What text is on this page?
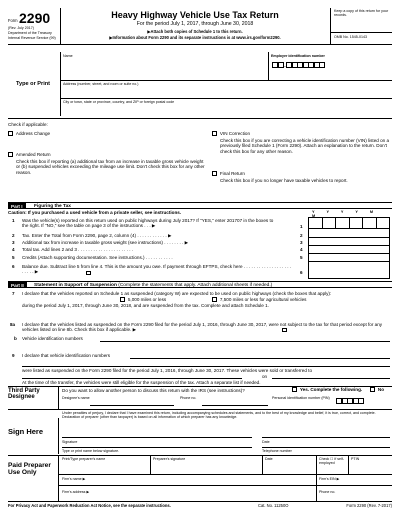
Form 2290
(Rev. July 2017)
Department of the Treasury
Internal Revenue Service (99)
Heavy Highway Vehicle Use Tax Return
For the period July 1, 2017, through June 30, 2018
▶Attach both copies of Schedule 1 to this return.
▶Information about Form 2290 and its separate instructions is at www.irs.gov/form2290.
Keep a copy of this return for your records.
OMB No. 1545-0143
Type or Print
Name	Employer identification number
–
Address (number, street, and room or suite no.)
City or town, state or province, country, and ZIP or foreign postal code
Check if applicable:
Address Change
Amended Return
Check this box if reporting (a) additional tax from an increase in taxable gross vehicle weight or (b) suspended vehicles exceeding the mileage use limit. Don't check this box for any other reason.
VIN Correction
Check this box if you are correcting a vehicle identification number (VIN) listed on a previously filed Schedule 1 (Form 2290). Attach an explanation to the return. Don't check this box for any other reason.
Final Return
Check this box if you no longer have taxable vehicles to report.
Part I	Figuring the Tax
Caution: If you purchased a used vehicle from a private seller, see instructions.	Y Y Y Y M M
1 Was the vehicle(s) reported on this return used on public highways during July 2017? If "YES," enter 201707 in the boxes to the right. If "NO," see the table on page 3 of the instructions . . . ▶	1
2 Tax. Enter the Total from Form 2290, page 2, column (4) . . . . . . . . . . . . ▶	2
3 Additional tax from increase in taxable gross weight (see instructions) . . . . . . . . ▶	3
4 Total tax. Add lines 2 and 3 . . . . . . . . . . . . . . . . . . . . . .	4
5 Credits (Attach supporting documentation. See instructions.) . . . . . . . . . . .	5
6 Balance due. Subtract line 5 from line 4. This is the amount you owe. If payment through EFTPS, check here . . . . . . . . . . . . . . . . . . . . . . . . ▶	6
Part II	Statement in Support of Suspension (Complete the statements that apply. Attach additional sheets if needed.)
7 I declare that the vehicles reported on Schedule 1 as suspended (category W) are expected to be used on public highways (check the boxes that apply):
5,000 miles or less	7,500 miles or less for agricultural vehicles
during the period July 1, 2017, through June 30, 2018, and are suspended from the tax. Complete and attach Schedule 1.
8a I declare that the vehicles listed as suspended on the Form 2290 filed for the period July 1, 2016, through June 30, 2017, were not subject to the tax for that period except for any vehicles listed on line 8b. Check this box if applicable. ▶
b Vehicle identification numbers
9 I declare that vehicle identification numbers
were listed as suspended on the Form 2290 filed for the period July 1, 2016, through June 30, 2017. These vehicles were sold or transferred to
on
At the time of the transfer, the vehicles were still eligible for the suspension of the tax. Attach a separate list if needed.
Third Party Designee
Do you want to allow another person to discuss this return with the IRS (see instructions)?	Yes. Complete the following.	No
Designee's name	Phone no.	Personal identification number (PIN)
Under penalties of perjury, I declare that I have examined this return, including accompanying schedules and statements, and to the best of my knowledge and belief, it is true, correct, and complete. Declaration of preparer (other than taxpayer) is based on all information of which preparer has any knowledge.
Sign Here
Signature	Date
Type or print name below signature.	Telephone number
Paid Preparer Use Only
Print/Type preparer's name	Preparer's signature	Date	Check ☐ if self-employed
PTIN
Firm's name ▶	Firm's EIN ▶
Firm's address ▶	Phone no.
For Privacy Act and Paperwork Reduction Act Notice, see the separate instructions.	Cat. No. 11250O	Form 2290 (Rev. 7-2017)
